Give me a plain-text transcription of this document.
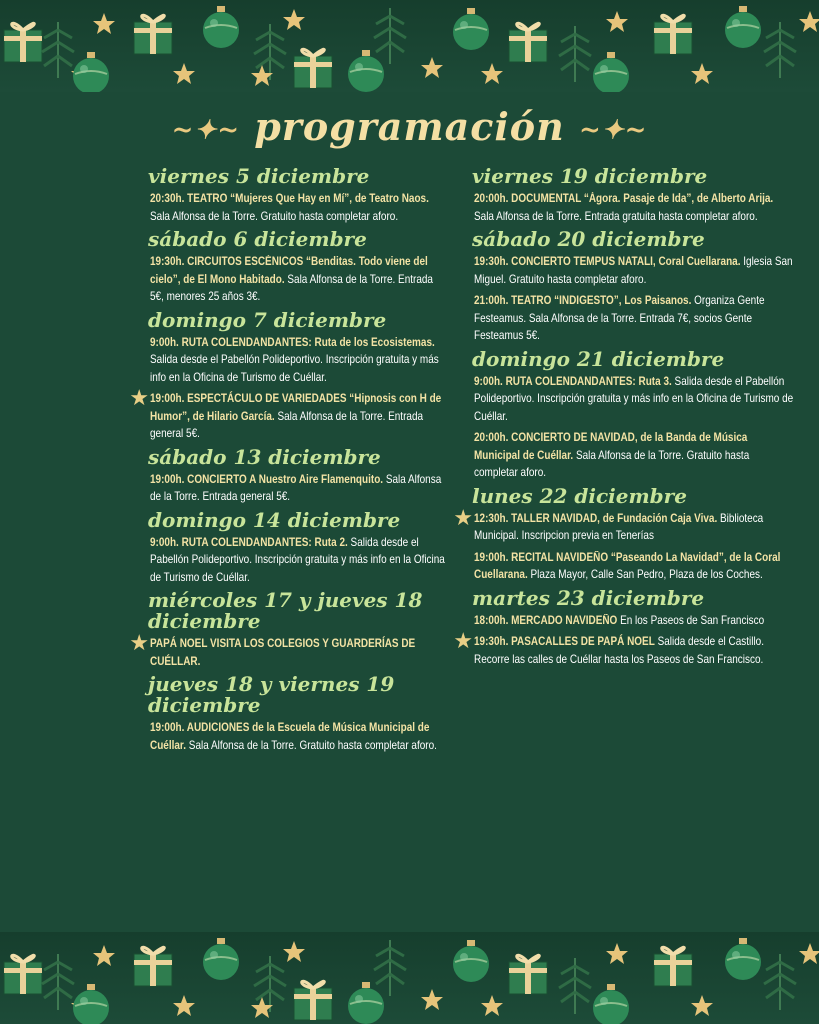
~✦~ programación ~✦~
viernes 5 diciembre
20:30h. TEATRO “Mujeres Que Hay en Mí”, de Teatro Naos. Sala Alfonsa de la Torre. Gratuito hasta completar aforo.
sábado 6 diciembre
19:30h. CIRCUITOS ESCÉNICOS “Benditas. Todo viene del cielo”, de El Mono Habitado. Sala Alfonsa de la Torre. Entrada 5€, menores 25 años 3€.
domingo 7 diciembre
9:00h. RUTA COLENDANDANTES: Ruta de los Ecosistemas. Salida desde el Pabellón Polideportivo. Inscripción gratuita y más info en la Oficina de Turismo de Cuéllar.
★ 19:00h. ESPECTÁCULO DE VARIEDADES “Hipnosis con H de Humor”, de Hilario García. Sala Alfonsa de la Torre. Entrada general 5€.
sábado 13 diciembre
19:00h. CONCIERTO A Nuestro Aire Flamenquito. Sala Alfonsa de la Torre. Entrada general 5€.
domingo 14 diciembre
9:00h. RUTA COLENDANDANTES: Ruta 2. Salida desde el Pabellón Polideportivo. Inscripción gratuita y más info en la Oficina de Turismo de Cuéllar.
miércoles 17 y jueves 18 diciembre
★ PAPÁ NOEL VISITA LOS COLEGIOS Y GUARDERÍAS DE CUÉLLAR.
jueves 18 y viernes 19 diciembre
19:00h. AUDICIONES de la Escuela de Música Municipal de Cuéllar. Sala Alfonsa de la Torre. Gratuito hasta completar aforo.
viernes 19 diciembre
20:00h. DOCUMENTAL “Ágora. Pasaje de Ida”, de Alberto Arija. Sala Alfonsa de la Torre. Entrada gratuita hasta completar aforo.
sábado 20 diciembre
19:30h. CONCIERTO TEMPUS NATALI, Coral Cuellarana. Iglesia San Miguel. Gratuito hasta completar aforo.
21:00h. TEATRO “INDIGESTO”, Los Paisanos. Organiza Gente Festeamus. Sala Alfonsa de la Torre. Entrada 7€, socios Gente Festeamus 5€.
domingo 21 diciembre
9:00h. RUTA COLENDANDANTES: Ruta 3. Salida desde el Pabellón Polideportivo. Inscripción gratuita y más info en la Oficina de Turismo de Cuéllar.
20:00h. CONCIERTO DE NAVIDAD, de la Banda de Música Municipal de Cuéllar. Sala Alfonsa de la Torre. Gratuito hasta completar aforo.
lunes 22 diciembre
★ 12:30h. TALLER NAVIDAD, de Fundación Caja Viva. Biblioteca Municipal. Inscripcion previa en Tenerías
19:00h. RECITAL NAVIDEÑO “Paseando La Navidad”, de la Coral Cuellarana. Plaza Mayor, Calle San Pedro, Plaza de los Coches.
martes 23 diciembre
18:00h. MERCADO NAVIDEÑO En los Paseos de San Francisco
★ 19:30h. PASACALLES DE PAPÁ NOEL Salida desde el Castillo. Recorre las calles de Cuéllar hasta los Paseos de San Francisco.
